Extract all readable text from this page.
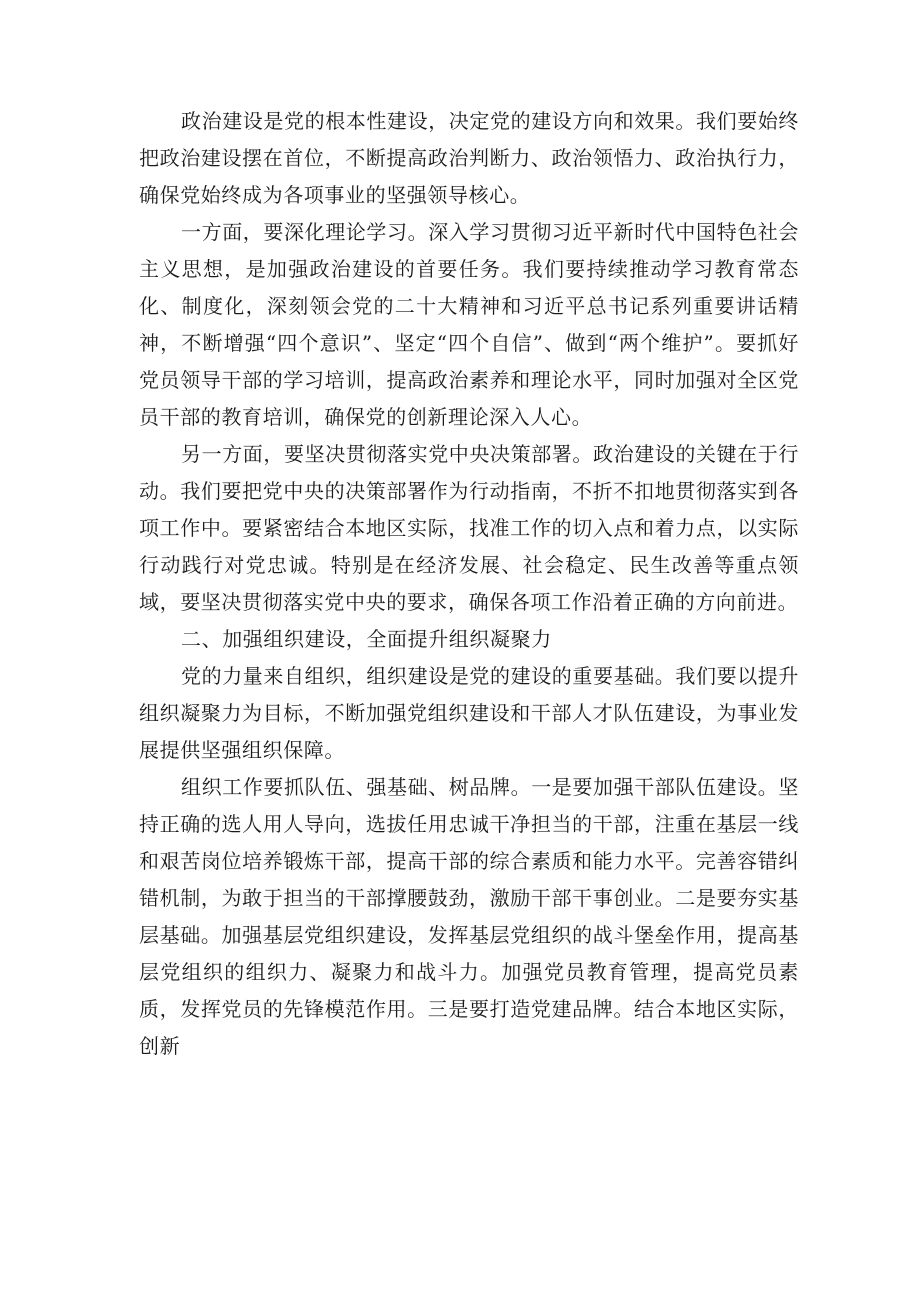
政治建设是党的根本性建设，决定党的建设方向和效果。我们要始终把政治建设摆在首位，不断提高政治判断力、政治领悟力、政治执行力，确保党始终成为各项事业的坚强领导核心。

一方面，要深化理论学习。深入学习贯彻习近平新时代中国特色社会主义思想，是加强政治建设的首要任务。我们要持续推动学习教育常态化、制度化，深刻领会党的二十大精神和习近平总书记系列重要讲话精神，不断增强“四个意识”、坚定“四个自信”、做到“两个维护”。要抓好党员领导干部的学习培训，提高政治素养和理论水平，同时加强对全区党员干部的教育培训，确保党的创新理论深入人心。

另一方面，要坚决贯彻落实党中央决策部署。政治建设的关键在于行动。我们要把党中央的决策部署作为行动指南，不折不扣地贯彻落实到各项工作中。要紧密结合本地区实际，找准工作的切入点和着力点，以实际行动践行对党忠诚。特别是在经济发展、社会稳定、民生改善等重点领域，要坚决贯彻落实党中央的要求，确保各项工作沿着正确的方向前进。

二、加强组织建设，全面提升组织凝聚力

党的力量来自组织，组织建设是党的建设的重要基础。我们要以提升组织凝聚力为目标，不断加强党组织建设和干部人才队伍建设，为事业发展提供坚强组织保障。

组织工作要抓队伍、强基础、树品牌。一是要加强干部队伍建设。坚持正确的选人用人导向，选拔任用忠诚干净担当的干部，注重在基层一线和艰苦岗位培养锻炼干部，提高干部的综合素质和能力水平。完善容错纠错机制，为敢于担当的干部撑腰鼓劲，激励干部干事创业。二是要夯实基层基础。加强基层党组织建设，发挥基层党组织的战斗堡垒作用，提高基层党组织的组织力、凝聚力和战斗力。加强党员教育管理，提高党员素质，发挥党员的先锋模范作用。三是要打造党建品牌。结合本地区实际，创新
